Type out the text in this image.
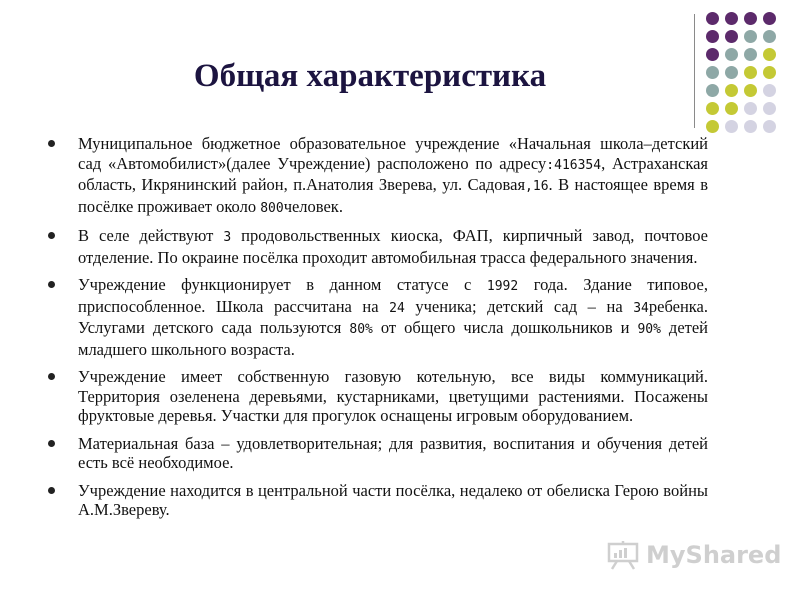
Общая характеристика
Муниципальное бюджетное образовательное учреждение «Начальная школа–детский сад «Автомобилист»(далее Учреждение) расположено по адресу:416354, Астраханская область, Икрянинский район, п.Анатолия Зверева, ул. Садовая,16. В настоящее время в посёлке проживает около 800человек.
В селе действуют 3 продовольственных киоска, ФАП, кирпичный завод, почтовое отделение. По окраине посёлка проходит автомобильная трасса федерального значения.
Учреждение функционирует в данном статусе с 1992 года. Здание типовое, приспособленное. Школа рассчитана на 24 ученика; детский сад – на 34ребенка. Услугами детского сада пользуются 80% от общего числа дошкольников и 90% детей младшего школьного возраста.
Учреждение имеет собственную газовую котельную, все виды коммуникаций. Территория озеленена деревьями, кустарниками, цветущими растениями. Посажены фруктовые деревья. Участки для прогулок оснащены игровым оборудованием.
Материальная база – удовлетворительная; для развития, воспитания и обучения детей есть всё необходимое.
Учреждение находится в центральной части посёлка, недалеко от обелиска Герою войны А.М.Звереву.
MyShared
